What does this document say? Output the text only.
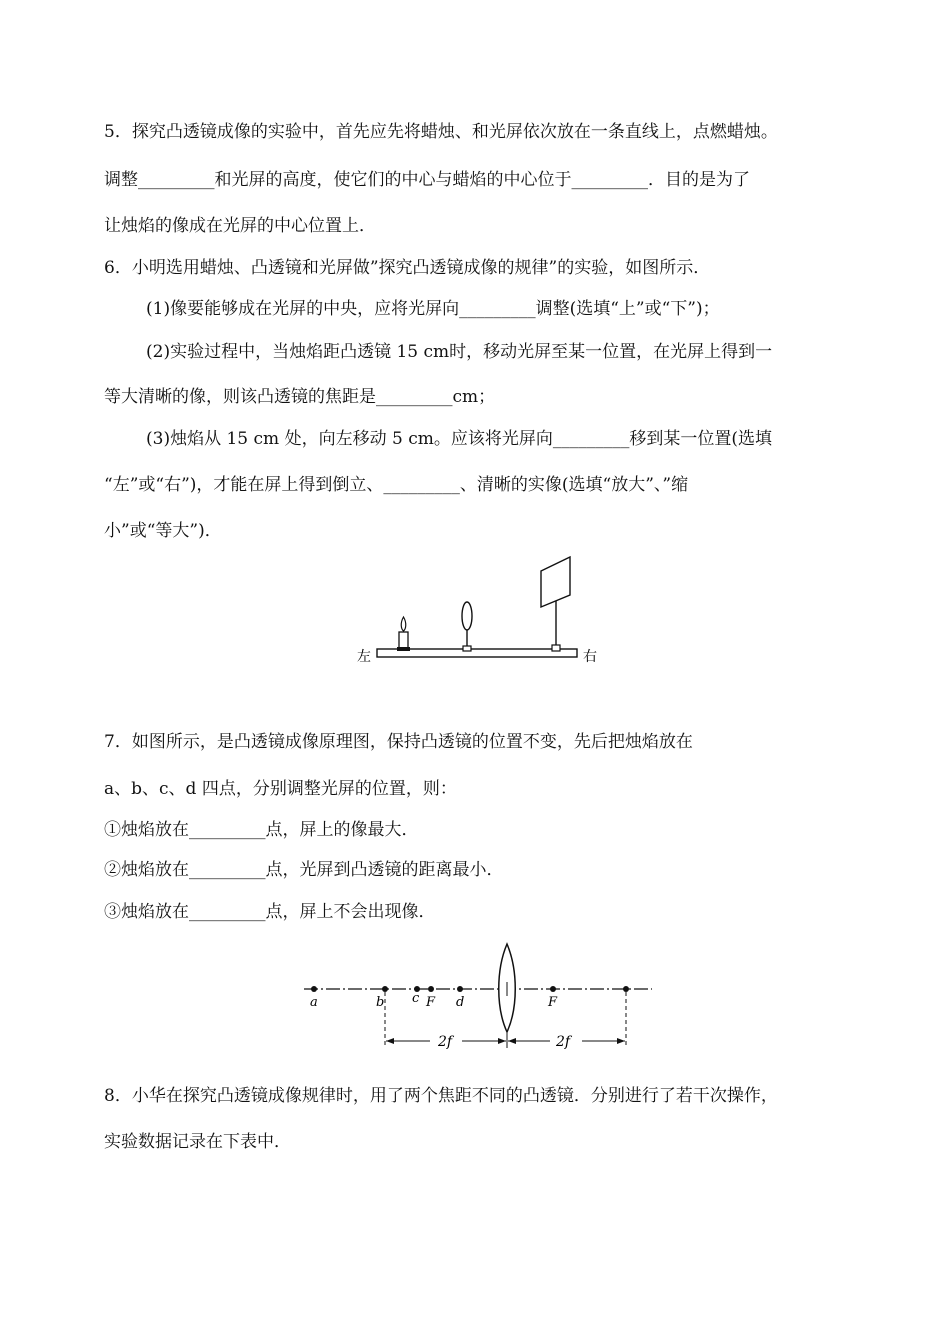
5．探究凸透镜成像的实验中，首先应先将蜡烛、和光屏依次放在一条直线上，点燃蜡烛。
调整_________和光屏的高度，使它们的中心与蜡焰的中心位于_________．目的是为了
让烛焰的像成在光屏的中心位置上．
6．小明选用蜡烛、凸透镜和光屏做”探究凸透镜成像的规律”的实验，如图所示．
(1)像要能够成在光屏的中央，应将光屏向_________调整(选填“上”或“下”)；
(2)实验过程中，当烛焰距凸透镜 15 cm时，移动光屏至某一位置，在光屏上得到一
等大清晰的像，则该凸透镜的焦距是_________cm；
(3)烛焰从 15 cm 处，向左移动 5 cm。应该将光屏向_________移到某一位置(选填
“左”或“右”)，才能在屏上得到倒立、_________、清晰的实像(选填“放大”、”缩
小”或“等大”)．
左	右
7．如图所示，是凸透镜成像原理图，保持凸透镜的位置不变，先后把烛焰放在
a、b、c、d 四点，分别调整光屏的位置，则：
①烛焰放在_________点，屏上的像最大．
②烛焰放在_________点，光屏到凸透镜的距离最小．
③烛焰放在_________点，屏上不会出现像．
a	b c F d	F
2f	2f
8．小华在探究凸透镜成像规律时，用了两个焦距不同的凸透镜．分别进行了若干次操作，
实验数据记录在下表中．
